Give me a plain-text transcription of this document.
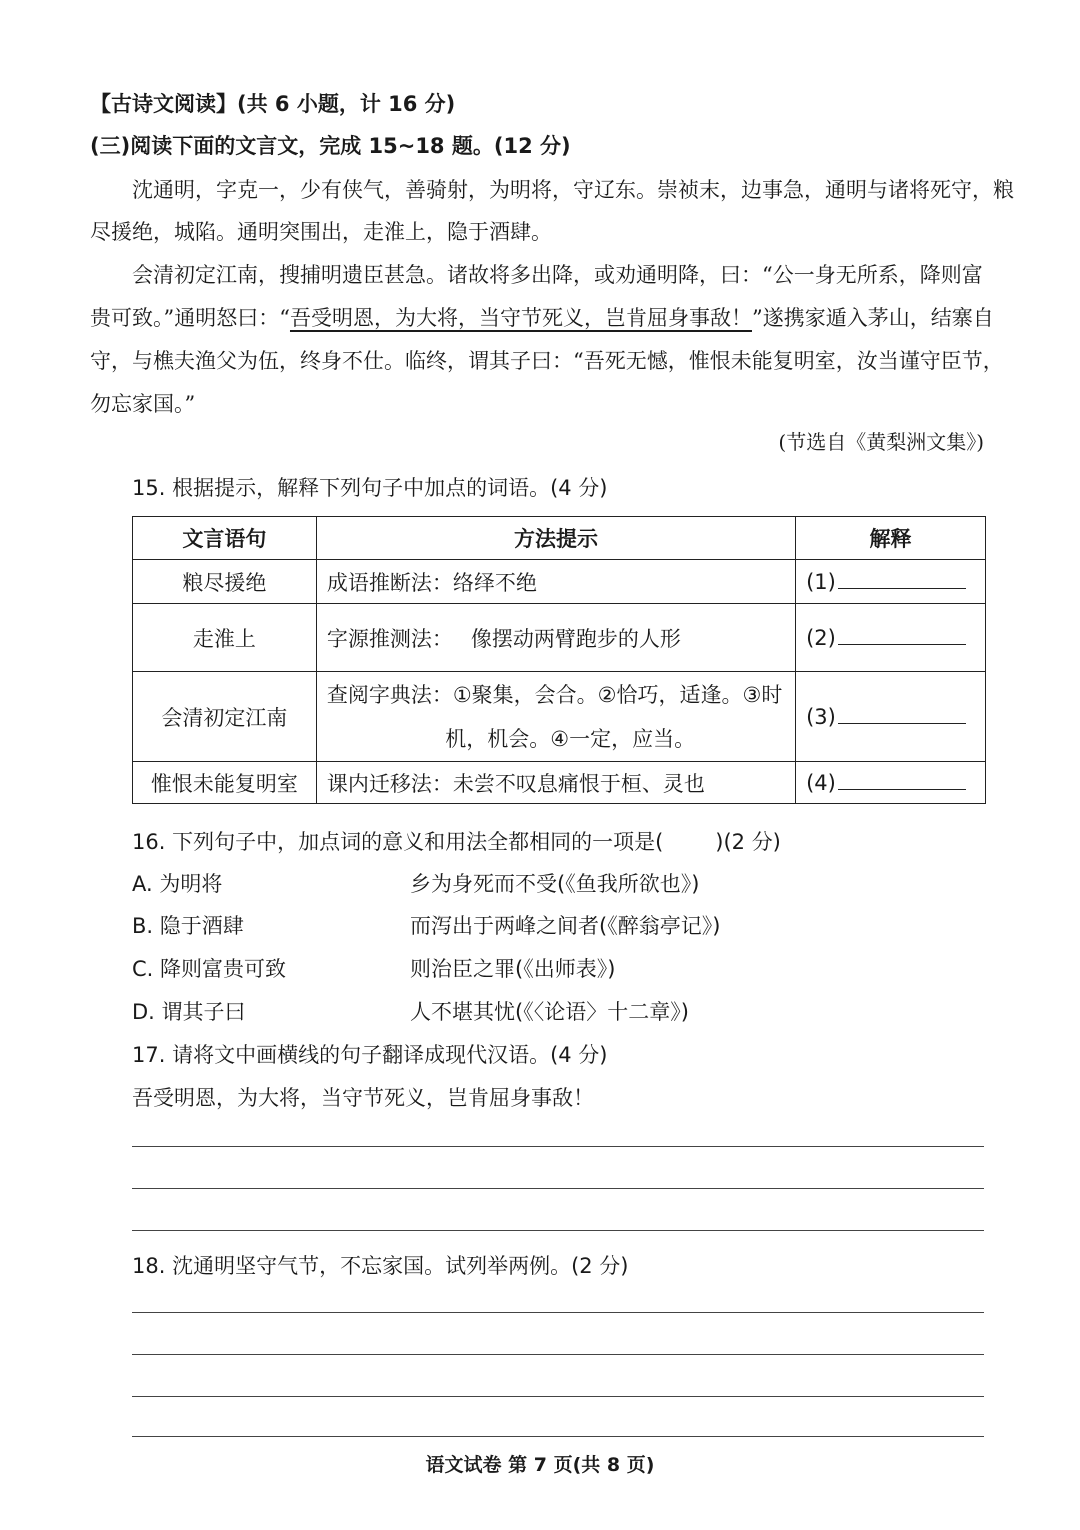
【古诗文阅读】(共 6 小题，计 16 分)
(三)阅读下面的文言文，完成 15~18 题。(12 分)
沈通明，字克一，少有侠气，善骑射，为明将，守辽东。崇祯末，边事急，通明与诸将死守，粮
尽援绝，城陷。通明突围出，走淮上，隐于酒肆。
会清初定江南，搜捕明遗臣甚急。诸故将多出降，或劝通明降，曰：“公一身无所系，降则富
贵可致。”通明怒曰：“吾受明恩，为大将，当守节死义，岂肯屈身事敌！”遂携家遁入茅山，结寨自
守，与樵夫渔父为伍，终身不仕。临终，谓其子曰：“吾死无憾，惟恨未能复明室，汝当谨守臣节，
勿忘家国。”
(节选自《黄梨洲文集》)
15. 根据提示，解释下列句子中加点的词语。(4 分)
文言语句	方法提示	解释
粮尽援绝	成语推断法：络绎不绝	(1)
走淮上	字源推测法： 像摆动两臂跑步的人形	(2)
会清初定江南	查阅字典法：①聚集，会合。②恰巧，适逢。③时
机，机会。④一定，应当。	(3)
惟恨未能复明室	课内迁移法：未尝不叹息痛恨于桓、灵也	(4)
16. 下列句子中，加点词的意义和用法全都相同的一项是( )(2 分)
A. 为明将	乡为身死而不受(《鱼我所欲也》)
B. 隐于酒肆	而泻出于两峰之间者(《醉翁亭记》)
C. 降则富贵可致	则治臣之罪(《出师表》)
D. 谓其子曰	人不堪其忧(《〈论语〉十二章》)
17. 请将文中画横线的句子翻译成现代汉语。(4 分)
吾受明恩，为大将，当守节死义，岂肯屈身事敌！
18. 沈通明坚守气节，不忘家国。试列举两例。(2 分)
语文试卷 第 7 页(共 8 页)
